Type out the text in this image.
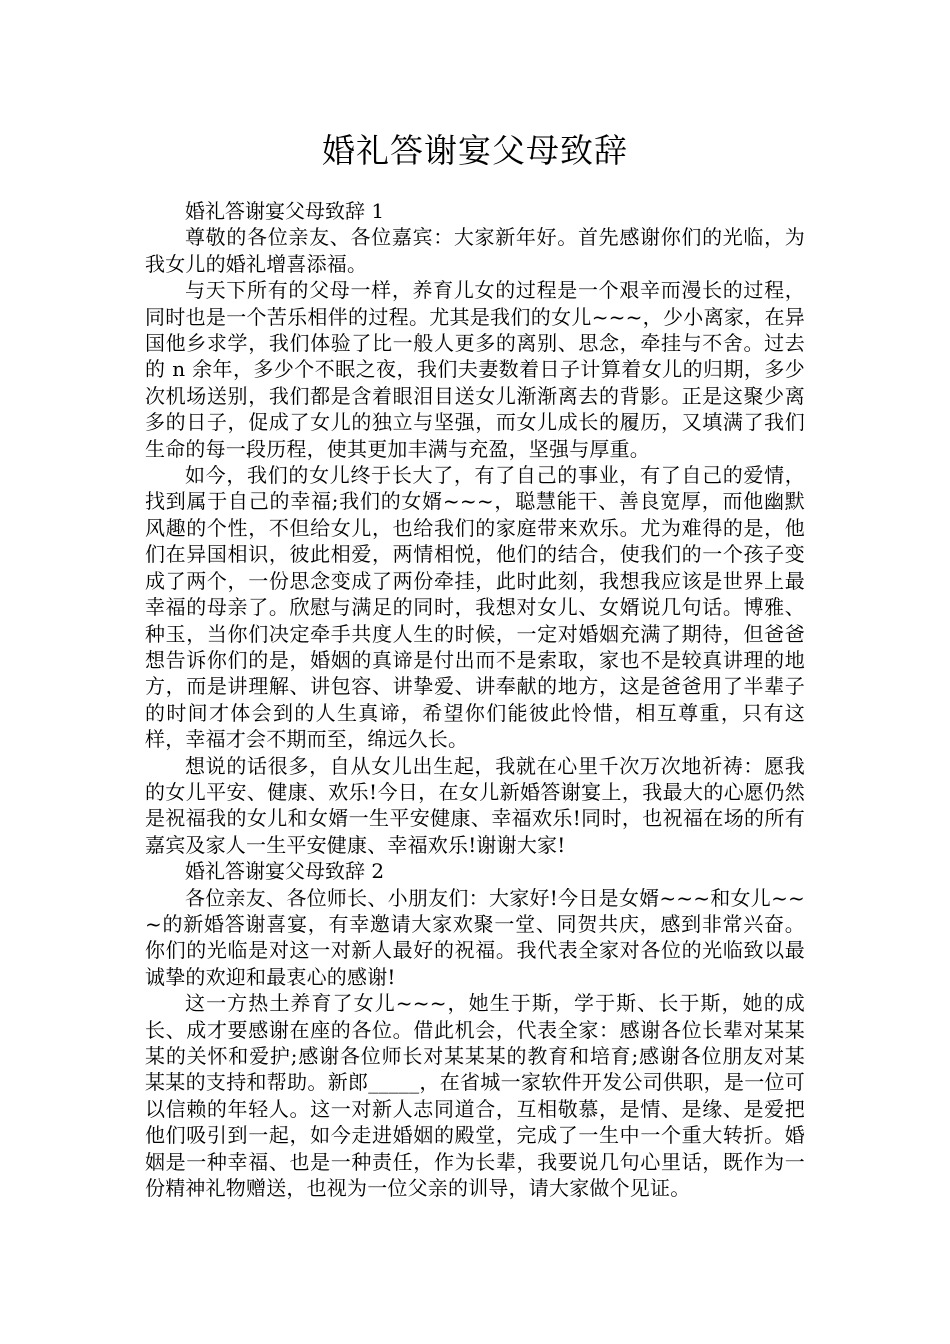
婚礼答谢宴父母致辞

婚礼答谢宴父母致辞 1

尊敬的各位亲友、各位嘉宾：大家新年好。首先感谢你们的光临，为我女儿的婚礼增喜添福。

与天下所有的父母一样，养育儿女的过程是一个艰辛而漫长的过程，同时也是一个苦乐相伴的过程。尤其是我们的女儿~~~，少小离家，在异国他乡求学，我们体验了比一般人更多的离别、思念，牵挂与不舍。过去的 n 余年，多少个不眠之夜，我们夫妻数着日子计算着女儿的归期，多少次机场送别，我们都是含着眼泪目送女儿渐渐离去的背影。正是这聚少离多的日子，促成了女儿的独立与坚强，而女儿成长的履历，又填满了我们生命的每一段历程，使其更加丰满与充盈，坚强与厚重。

如今，我们的女儿终于长大了，有了自己的事业，有了自己的爱情，找到属于自己的幸福;我们的女婿~~~，聪慧能干、善良宽厚，而他幽默风趣的个性，不但给女儿，也给我们的家庭带来欢乐。尤为难得的是，他们在异国相识，彼此相爱，两情相悦，他们的结合，使我们的一个孩子变成了两个，一份思念变成了两份牵挂，此时此刻，我想我应该是世界上最幸福的母亲了。欣慰与满足的同时，我想对女儿、女婿说几句话。博雅、种玉，当你们决定牵手共度人生的时候，一定对婚姻充满了期待，但爸爸想告诉你们的是，婚姻的真谛是付出而不是索取，家也不是较真讲理的地方，而是讲理解、讲包容、讲挚爱、讲奉献的地方，这是爸爸用了半辈子的时间才体会到的人生真谛，希望你们能彼此怜惜，相互尊重，只有这样，幸福才会不期而至，绵远久长。

想说的话很多，自从女儿出生起，我就在心里千次万次地祈祷：愿我的女儿平安、健康、欢乐!今日，在女儿新婚答谢宴上，我最大的心愿仍然是祝福我的女儿和女婿一生平安健康、幸福欢乐!同时，也祝福在场的所有嘉宾及家人一生平安健康、幸福欢乐!谢谢大家!

婚礼答谢宴父母致辞 2

各位亲友、各位师长、小朋友们：大家好!今日是女婿~~~和女儿~~~的新婚答谢喜宴，有幸邀请大家欢聚一堂、同贺共庆，感到非常兴奋。你们的光临是对这一对新人最好的祝福。我代表全家对各位的光临致以最诚挚的欢迎和最衷心的感谢!

这一方热土养育了女儿~~~，她生于斯，学于斯、长于斯，她的成长、成才要感谢在座的各位。借此机会，代表全家：感谢各位长辈对某某某的关怀和爱护;感谢各位师长对某某某的教育和培育;感谢各位朋友对某某某的支持和帮助。新郎_____，在省城一家软件开发公司供职，是一位可以信赖的年轻人。这一对新人志同道合，互相敬慕，是情、是缘、是爱把他们吸引到一起，如今走进婚姻的殿堂，完成了一生中一个重大转折。婚姻是一种幸福、也是一种责任，作为长辈，我要说几句心里话，既作为一份精神礼物赠送，也视为一位父亲的训导，请大家做个见证。
